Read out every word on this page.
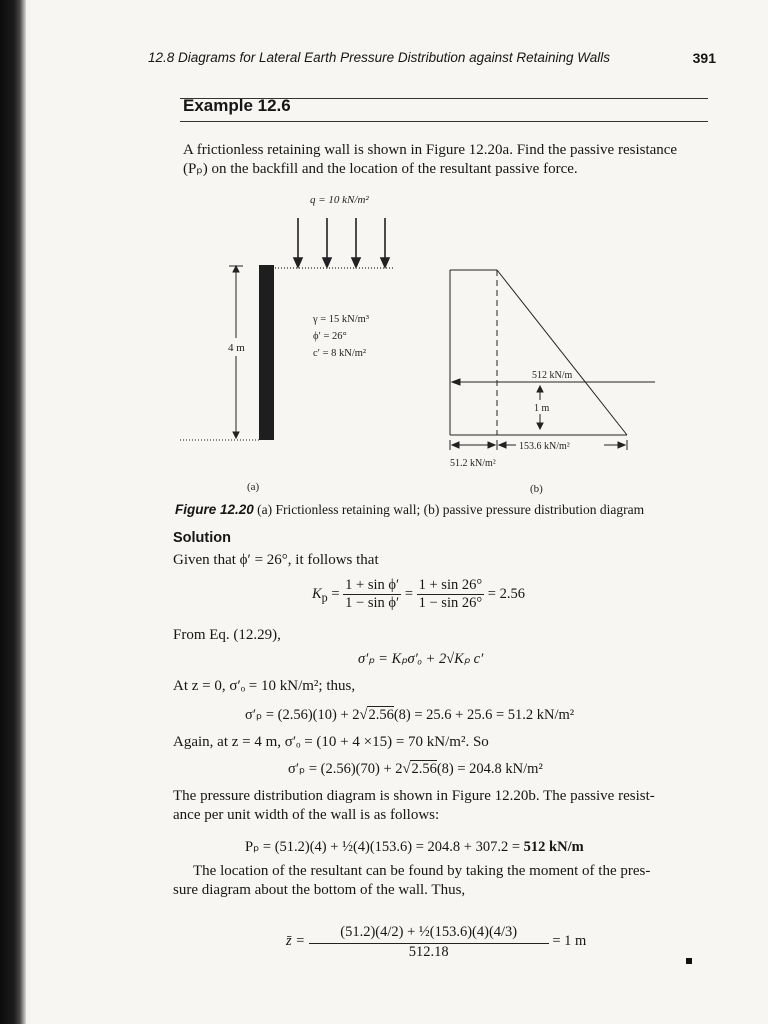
12.8 Diagrams for Lateral Earth Pressure Distribution against Retaining Walls	391
Example 12.6
A frictionless retaining wall is shown in Figure 12.20a. Find the passive resistance
(Pₚ) on the backfill and the location of the resultant passive force.
q = 10 kN/m²
4 m
γ = 15 kN/m³
ϕ′ = 26°
c′ = 8 kN/m²
(a)
512 kN/m
1 m
153.6 kN/m²
51.2 kN/m²
(b)
Figure 12.20 (a) Frictionless retaining wall; (b) passive pressure distribution diagram
Solution
Given that ϕ′ = 26°, it follows that
$K_p = \frac{\text{1 + sin ϕ′}}{\text{1 − sin ϕ′}} = \frac{1 + \sin 26^\circ}{1 - \sin 26^\circ} = 2.56$
From Eq. (12.29),
σ′ₚ = Kₚσ′ₒ + 2√Kₚ c′
At z = 0, σ′ₒ = 10 kN/m²; thus,
σ′ₚ = (2.56)(10) + 2√2.56(8) = 25.6 + 25.6 = 51.2 kN/m²
Again, at z = 4 m, σ′ₒ = (10 + 4 ×15) = 70 kN/m². So
σ′ₚ = (2.56)(70) + 2√2.56(8) = 204.8 kN/m²
The pressure distribution diagram is shown in Figure 12.20b. The passive resist-
ance per unit width of the wall is as follows:
Pₚ = (51.2)(4) + ½(4)(153.6) = 204.8 + 307.2 = 512 kN/m
The location of the resultant can be found by taking the moment of the pres-
sure diagram about the bottom of the wall. Thus,
z̄ = $\frac{\text{(51.2)(4/2) + ½(153.6)(4)(4/3)}}{512.18} = 1$ m
